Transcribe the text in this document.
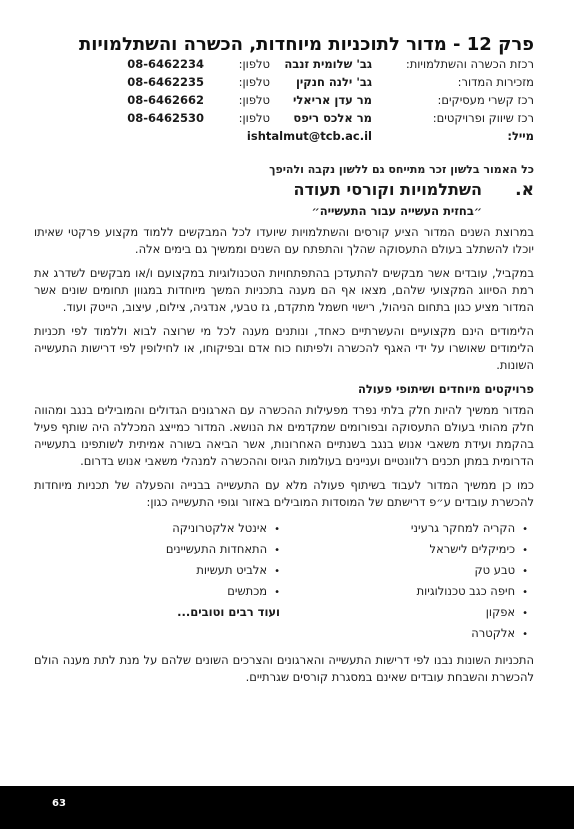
פרק 12 - מדור לתוכניות מיוחדות, הכשרה והשתלמויות
רכזת הכשרה והשתלמויות:
גב' שלומית זנבה
טלפון:
08-6462234
מזכירות המדור:
גב' ילנה חנקין
טלפון:
08-6462235
רכז קשרי מעסיקים:
מר עדן אריאלי
טלפון:
08-6462662
רכז שיווק ופרויקטים:
מר אלכס ריפס
טלפון:
08-6462530
מייל:
ishtalmut@tcb.ac.il
כל האמור בלשון זכר מתייחס גם ללשון נקבה ולהיפך
א.
השתלמויות וקורסי תעודה
״בחזית העשייה עבור התעשייה״

במרוצת השנים המדור הציע קורסים והשתלמויות שיועדו לכל המבקשים ללמוד מקצוע פרקטי שאיתו יוכלו להשתלב בעולם התעסוקה שהלך והתפתח עם השנים וממשיך גם בימים אלה.

במקביל, עובדים אשר מבקשים להתעדכן בהתפתחויות הטכנולוגיות במקצועם ו/או מבקשים לשדרג את רמת הסיווג המקצועי שלהם, מצאו אף הם מענה בתכניות המשך מיוחדות במגוון תחומים שונים אשר המדור מציע כגון בתחום הניהול, רישוי חשמל מתקדם, גז טבעי, אנדגיה, צילום, עיצוב, הייטק ועוד.

הלימודים הינם מקצועיים והעשרתיים כאחד, ונותנים מענה לכל מי שרוצה לבוא וללמוד לפי תכניות הלימודים שאושרו על ידי האגף להכשרה ולפיתוח כוח אדם ובפיקוחו, או לחילופין לפי דרישות התעשייה השונות.

פרויקטים מיוחדים ושיתופי פעולה

המדור ממשיך להיות חלק בלתי נפרד מפעילות ההכשרה עם הארגונים הגדולים והמובילים בנגב ומהווה חלק מהותי בעולם התעסוקה ובפורומים שמקדמים את הנושא. המדור כמייצג המכללה היה שותף פעיל בהקמת ועידת משאבי אנוש בנגב בשנתיים האחרונות, אשר הביאה בשורה אמיתית לשותפינו בתעשייה הדרומית במתן תכנים רלוונטיים ועניינים בעולמות הגיוס וההכשרה למנהלי משאבי אנוש בדרום.

כמו כן ממשיך המדור לעבוד בשיתוף פעולה מלא עם התעשייה בבנייה והפעלה של תכניות מיוחדות להכשרת עובדים ע״פ דרישתם של המוסדות המובילים באזור וגופי התעשייה כגון:

• הקריה למחקר גרעיני
• כימיקלים לישראל
• טבע טק
• חיפה כגב טכנולוגיות
• אפקון
• אלקטרה
• אינטל אלקטרוניקה
• התאחדות התעשיינים
• אלביט תעשיות
• מכתשים
ועוד רבים וטובים...

התכניות השונות נבנו לפי דרישות התעשייה והארגונים והצרכים השונים שלהם על מנת לתת מענה הולם להכשרת והשבחת עובדים שאינם במסגרת קורסים שגרתיים.

63
